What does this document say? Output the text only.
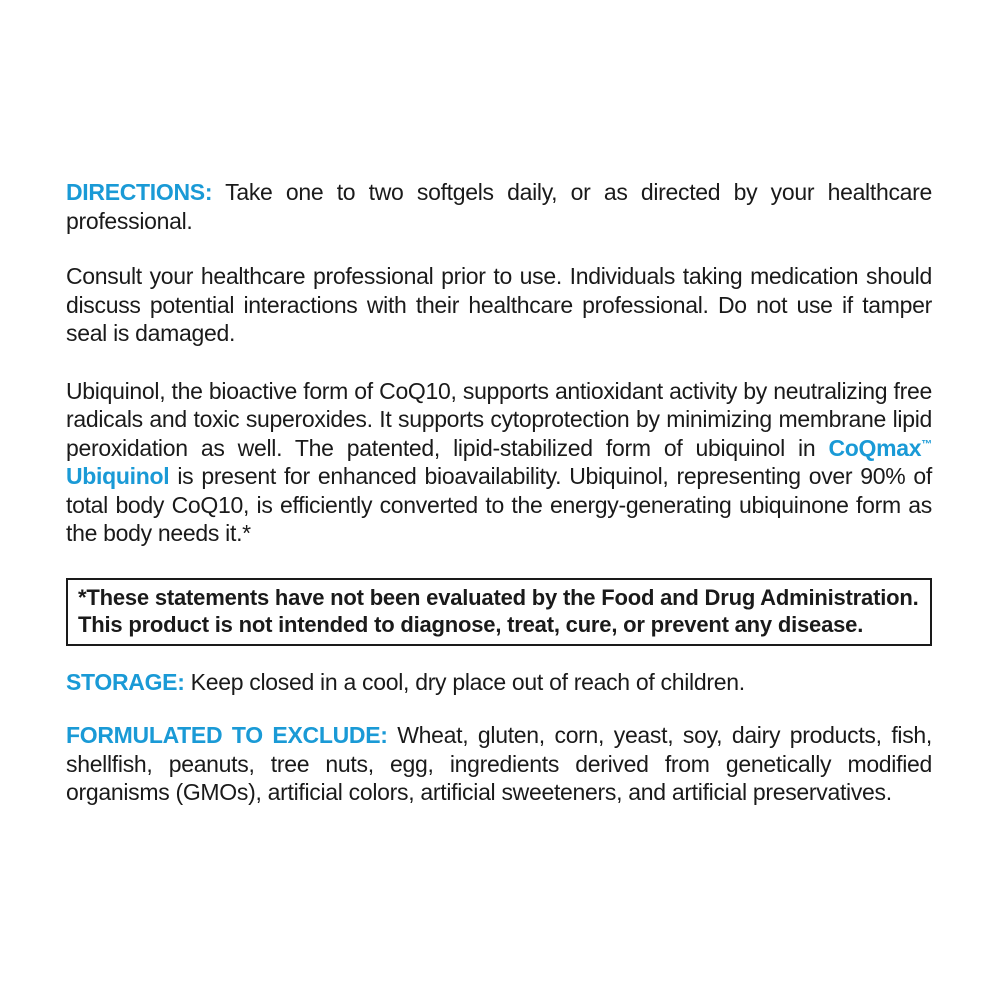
DIRECTIONS: Take one to two softgels daily, or as directed by your healthcare professional.

Consult your healthcare professional prior to use. Individuals taking medication should discuss potential interactions with their healthcare professional. Do not use if tamper seal is damaged.

Ubiquinol, the bioactive form of CoQ10, supports antioxidant activity by neutralizing free radicals and toxic superoxides. It supports cytoprotection by minimizing membrane lipid peroxidation as well. The patented, lipid-stabilized form of ubiquinol in CoQmax™ Ubiquinol is present for enhanced bioavailability. Ubiquinol, representing over 90% of total body CoQ10, is efficiently converted to the energy-generating ubiquinone form as the body needs it.*

*These statements have not been evaluated by the Food and Drug Administration.
This product is not intended to diagnose, treat, cure, or prevent any disease.

STORAGE: Keep closed in a cool, dry place out of reach of children.

FORMULATED TO EXCLUDE: Wheat, gluten, corn, yeast, soy, dairy products, fish, shellfish, peanuts, tree nuts, egg, ingredients derived from genetically modified organisms (GMOs), artificial colors, artificial sweeteners, and artificial preservatives.
